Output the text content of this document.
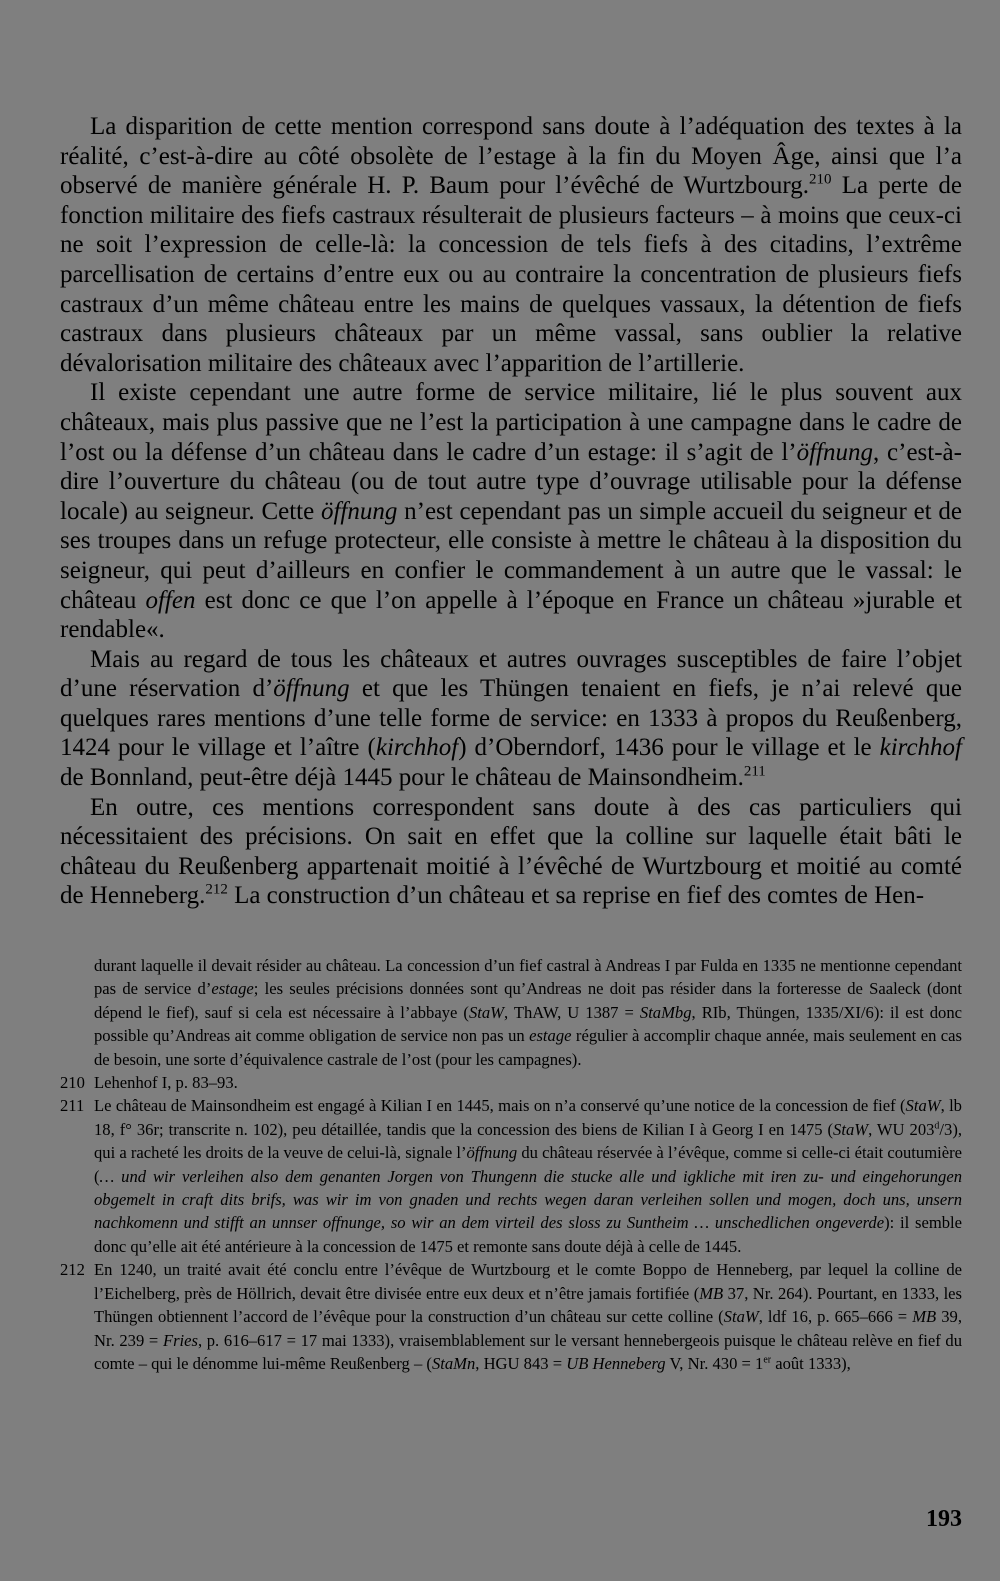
La disparition de cette mention correspond sans doute à l’adéquation des textes à la réalité, c’est-à-dire au côté obsolète de l’estage à la fin du Moyen Âge, ainsi que l’a observé de manière générale H. P. Baum pour l’évêché de Wurtzbourg.$^{210}$ La perte de fonction militaire des fiefs castraux résulterait de plusieurs facteurs – à moins que ceux-ci ne soit l’expression de celle-là: la concession de tels fiefs à des citadins, l’extrême parcellisation de certains d’entre eux ou au contraire la concentration de plusieurs fiefs castraux d’un même château entre les mains de quelques vassaux, la détention de fiefs castraux dans plusieurs châteaux par un même vassal, sans oublier la relative dévalorisation militaire des châteaux avec l’apparition de l’artillerie.

Il existe cependant une autre forme de service militaire, lié le plus souvent aux châteaux, mais plus passive que ne l’est la participation à une campagne dans le cadre de l’ost ou la défense d’un château dans le cadre d’un estage: il s’agit de l’öffnung, c’est-à-dire l’ouverture du château (ou de tout autre type d’ouvrage utilisable pour la défense locale) au seigneur. Cette öffnung n’est cependant pas un simple accueil du seigneur et de ses troupes dans un refuge protecteur, elle consiste à mettre le château à la disposition du seigneur, qui peut d’ailleurs en confier le commandement à un autre que le vassal: le château offen est donc ce que l’on appelle à l’époque en France un château »jurable et rendable«.

Mais au regard de tous les châteaux et autres ouvrages susceptibles de faire l’objet d’une réservation d’öffnung et que les Thüngen tenaient en fiefs, je n’ai relevé que quelques rares mentions d’une telle forme de service: en 1333 à propos du Reußenberg, 1424 pour le village et l’aître (kirchhof) d’Oberndorf, 1436 pour le village et le kirchhof de Bonnland, peut-être déjà 1445 pour le château de Mainsondheim.$^{211}$

En outre, ces mentions correspondent sans doute à des cas particuliers qui nécessitaient des précisions. On sait en effet que la colline sur laquelle était bâti le château du Reußenberg appartenait moitié à l’évêché de Wurtzbourg et moitié au comté de Henneberg.$^{212}$ La construction d’un château et sa reprise en fief des comtes de Hen-

durant laquelle il devait résider au château. La concession d’un fief castral à Andreas I par Fulda en 1335 ne mentionne cependant pas de service d’estage; les seules précisions données sont qu’Andreas ne doit pas résider dans la forteresse de Saaleck (dont dépend le fief), sauf si cela est nécessaire à l’abbaye (StaW, ThAW, U 1387 = StaMbg, RIb, Thüngen, 1335/XI/6): il est donc possible qu’Andreas ait comme obligation de service non pas un estage régulier à accomplir chaque année, mais seulement en cas de besoin, une sorte d’équivalence castrale de l’ost (pour les campagnes).
210 Lehenhof I, p. 83–93.
211 Le château de Mainsondheim est engagé à Kilian I en 1445, mais on n’a conservé qu’une notice de la concession de fief (StaW, lb 18, f° 36r; transcrite n. 102), peu détaillée, tandis que la concession des biens de Kilian I à Georg I en 1475 (StaW, WU 203$^d$/3), qui a racheté les droits de la veuve de celui-là, signale l’öffnung du château réservée à l’évêque, comme si celle-ci était coutumière (… und wir verleihen also dem genanten Jorgen von Thungenn die stucke alle und igkliche mit iren zu- und eingehorungen obgemelt in craft dits brifs, was wir im von gnaden und rechts wegen daran verleihen sollen und mogen, doch uns, unsern nachkomenn und stifft an unnser offnunge, so wir an dem virteil des sloss zu Suntheim … unschedlichen ongeverde): il semble donc qu’elle ait été antérieure à la concession de 1475 et remonte sans doute déjà à celle de 1445.
212 En 1240, un traité avait été conclu entre l’évêque de Wurtzbourg et le comte Boppo de Henneberg, par lequel la colline de l’Eichelberg, près de Höllrich, devait être divisée entre eux deux et n’être jamais fortifiée (MB 37, Nr. 264). Pourtant, en 1333, les Thüngen obtiennent l’accord de l’évêque pour la construction d’un château sur cette colline (StaW, ldf 16, p. 665–666 = MB 39, Nr. 239 = Fries, p. 616–617 = 17 mai 1333), vraisemblablement sur le versant hennebergeois puisque le château relève en fief du comte – qui le dénomme lui-même Reußenberg – (StaMn, HGU 843 = UB Henneberg V, Nr. 430 = 1er août 1333),
193
